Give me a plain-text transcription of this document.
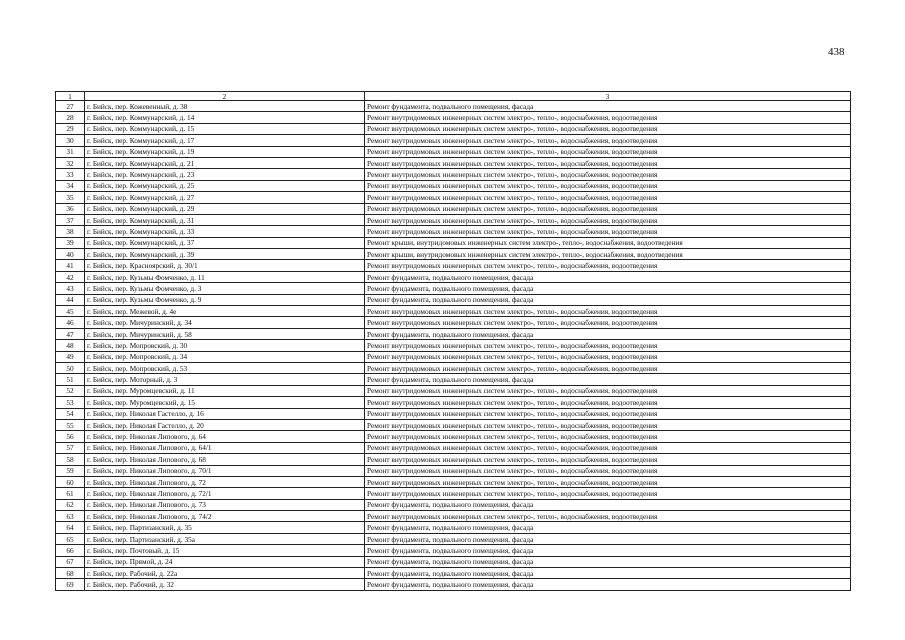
438
1	2	3
27	г. Бийск, пер. Кожевенный, д. 38	Ремонт фундамента, подвального помещения, фасада
28	г. Бийск, пер. Коммунарский, д. 14	Ремонт внутридомовых инженерных систем электро-, тепло-, водоснабжения, водоотведения
29	г. Бийск, пер. Коммунарский, д. 15	Ремонт внутридомовых инженерных систем электро-, тепло-, водоснабжения, водоотведения
30	г. Бийск, пер. Коммунарский, д. 17	Ремонт внутридомовых инженерных систем электро-, тепло-, водоснабжения, водоотведения
31	г. Бийск, пер. Коммунарский, д. 19	Ремонт внутридомовых инженерных систем электро-, тепло-, водоснабжения, водоотведения
32	г. Бийск, пер. Коммунарский, д. 21	Ремонт внутридомовых инженерных систем электро-, тепло-, водоснабжения, водоотведения
33	г. Бийск, пер. Коммунарский, д. 23	Ремонт внутридомовых инженерных систем электро-, тепло-, водоснабжения, водоотведения
34	г. Бийск, пер. Коммунарский, д. 25	Ремонт внутридомовых инженерных систем электро-, тепло-, водоснабжения, водоотведения
35	г. Бийск, пер. Коммунарский, д. 27	Ремонт внутридомовых инженерных систем электро-, тепло-, водоснабжения, водоотведения
36	г. Бийск, пер. Коммунарский, д. 29	Ремонт внутридомовых инженерных систем электро-, тепло-, водоснабжения, водоотведения
37	г. Бийск, пер. Коммунарский, д. 31	Ремонт внутридомовых инженерных систем электро-, тепло-, водоснабжения, водоотведения
38	г. Бийск, пер. Коммунарский, д. 33	Ремонт внутридомовых инженерных систем электро-, тепло-, водоснабжения, водоотведения
39	г. Бийск, пер. Коммунарский, д. 37	Ремонт крыши, внутридомовых инженерных систем электро-, тепло-, водоснабжения, водоотведения
40	г. Бийск, пер. Коммунарский, д. 39	Ремонт крыши, внутридомовых инженерных систем электро-, тепло-, водоснабжения, водоотведения
41	г. Бийск, пер. Красноярский, д. 30/1	Ремонт внутридомовых инженерных систем электро-, тепло-, водоснабжения, водоотведения
42	г. Бийск, пер. Кузьмы Фомченко, д. 11	Ремонт фундамента, подвального помещения, фасада
43	г. Бийск, пер. Кузьмы Фомченко, д. 3	Ремонт фундамента, подвального помещения, фасада
44	г. Бийск, пер. Кузьмы Фомченко, д. 9	Ремонт фундамента, подвального помещения, фасада
45	г. Бийск, пер. Межевой, д. 4е	Ремонт внутридомовых инженерных систем электро-, тепло-, водоснабжения, водоотведения
46	г. Бийск, пер. Мичуринский, д. 34	Ремонт внутридомовых инженерных систем электро-, тепло-, водоснабжения, водоотведения
47	г. Бийск, пер. Мичуринский, д. 58	Ремонт фундамента, подвального помещения, фасада
48	г. Бийск, пер. Мопровский, д. 30	Ремонт внутридомовых инженерных систем электро-, тепло-, водоснабжения, водоотведения
49	г. Бийск, пер. Мопровский, д. 34	Ремонт внутридомовых инженерных систем электро-, тепло-, водоснабжения, водоотведения
50	г. Бийск, пер. Мопровский, д. 53	Ремонт внутридомовых инженерных систем электро-, тепло-, водоснабжения, водоотведения
51	г. Бийск, пер. Моторный, д. 3	Ремонт фундамента, подвального помещения, фасада
52	г. Бийск, пер. Муромцевский, д. 11	Ремонт внутридомовых инженерных систем электро-, тепло-, водоснабжения, водоотведения
53	г. Бийск, пер. Муромцевский, д. 15	Ремонт внутридомовых инженерных систем электро-, тепло-, водоснабжения, водоотведения
54	г. Бийск, пер. Николая Гастелло, д. 16	Ремонт внутридомовых инженерных систем электро-, тепло-, водоснабжения, водоотведения
55	г. Бийск, пер. Николая Гастелло, д. 20	Ремонт внутридомовых инженерных систем электро-, тепло-, водоснабжения, водоотведения
56	г. Бийск, пер. Николая Липового, д. 64	Ремонт внутридомовых инженерных систем электро-, тепло-, водоснабжения, водоотведения
57	г. Бийск, пер. Николая Липового, д. 64/1	Ремонт внутридомовых инженерных систем электро-, тепло-, водоснабжения, водоотведения
58	г. Бийск, пер. Николая Липового, д. 68	Ремонт внутридомовых инженерных систем электро-, тепло-, водоснабжения, водоотведения
59	г. Бийск, пер. Николая Липового, д. 70/1	Ремонт внутридомовых инженерных систем электро-, тепло-, водоснабжения, водоотведения
60	г. Бийск, пер. Николая Липового, д. 72	Ремонт внутридомовых инженерных систем электро-, тепло-, водоснабжения, водоотведения
61	г. Бийск, пер. Николая Липового, д. 72/1	Ремонт внутридомовых инженерных систем электро-, тепло-, водоснабжения, водоотведения
62	г. Бийск, пер. Николая Липового, д. 73	Ремонт фундамента, подвального помещения, фасада
63	г. Бийск, пер. Николая Липового, д. 74/2	Ремонт внутридомовых инженерных систем электро-, тепло-, водоснабжения, водоотведения
64	г. Бийск, пер. Партизанский, д. 35	Ремонт фундамента, подвального помещения, фасада
65	г. Бийск, пер. Партизанский, д. 35а	Ремонт фундамента, подвального помещения, фасада
66	г. Бийск, пер. Почтовый, д. 15	Ремонт фундамента, подвального помещения, фасада
67	г. Бийск, пер. Прямой, д. 24	Ремонт фундамента, подвального помещения, фасада
68	г. Бийск, пер. Рабочий, д. 22а	Ремонт фундамента, подвального помещения, фасада
69	г. Бийск, пер. Рабочий, д. 32	Ремонт фундамента, подвального помещения, фасада
